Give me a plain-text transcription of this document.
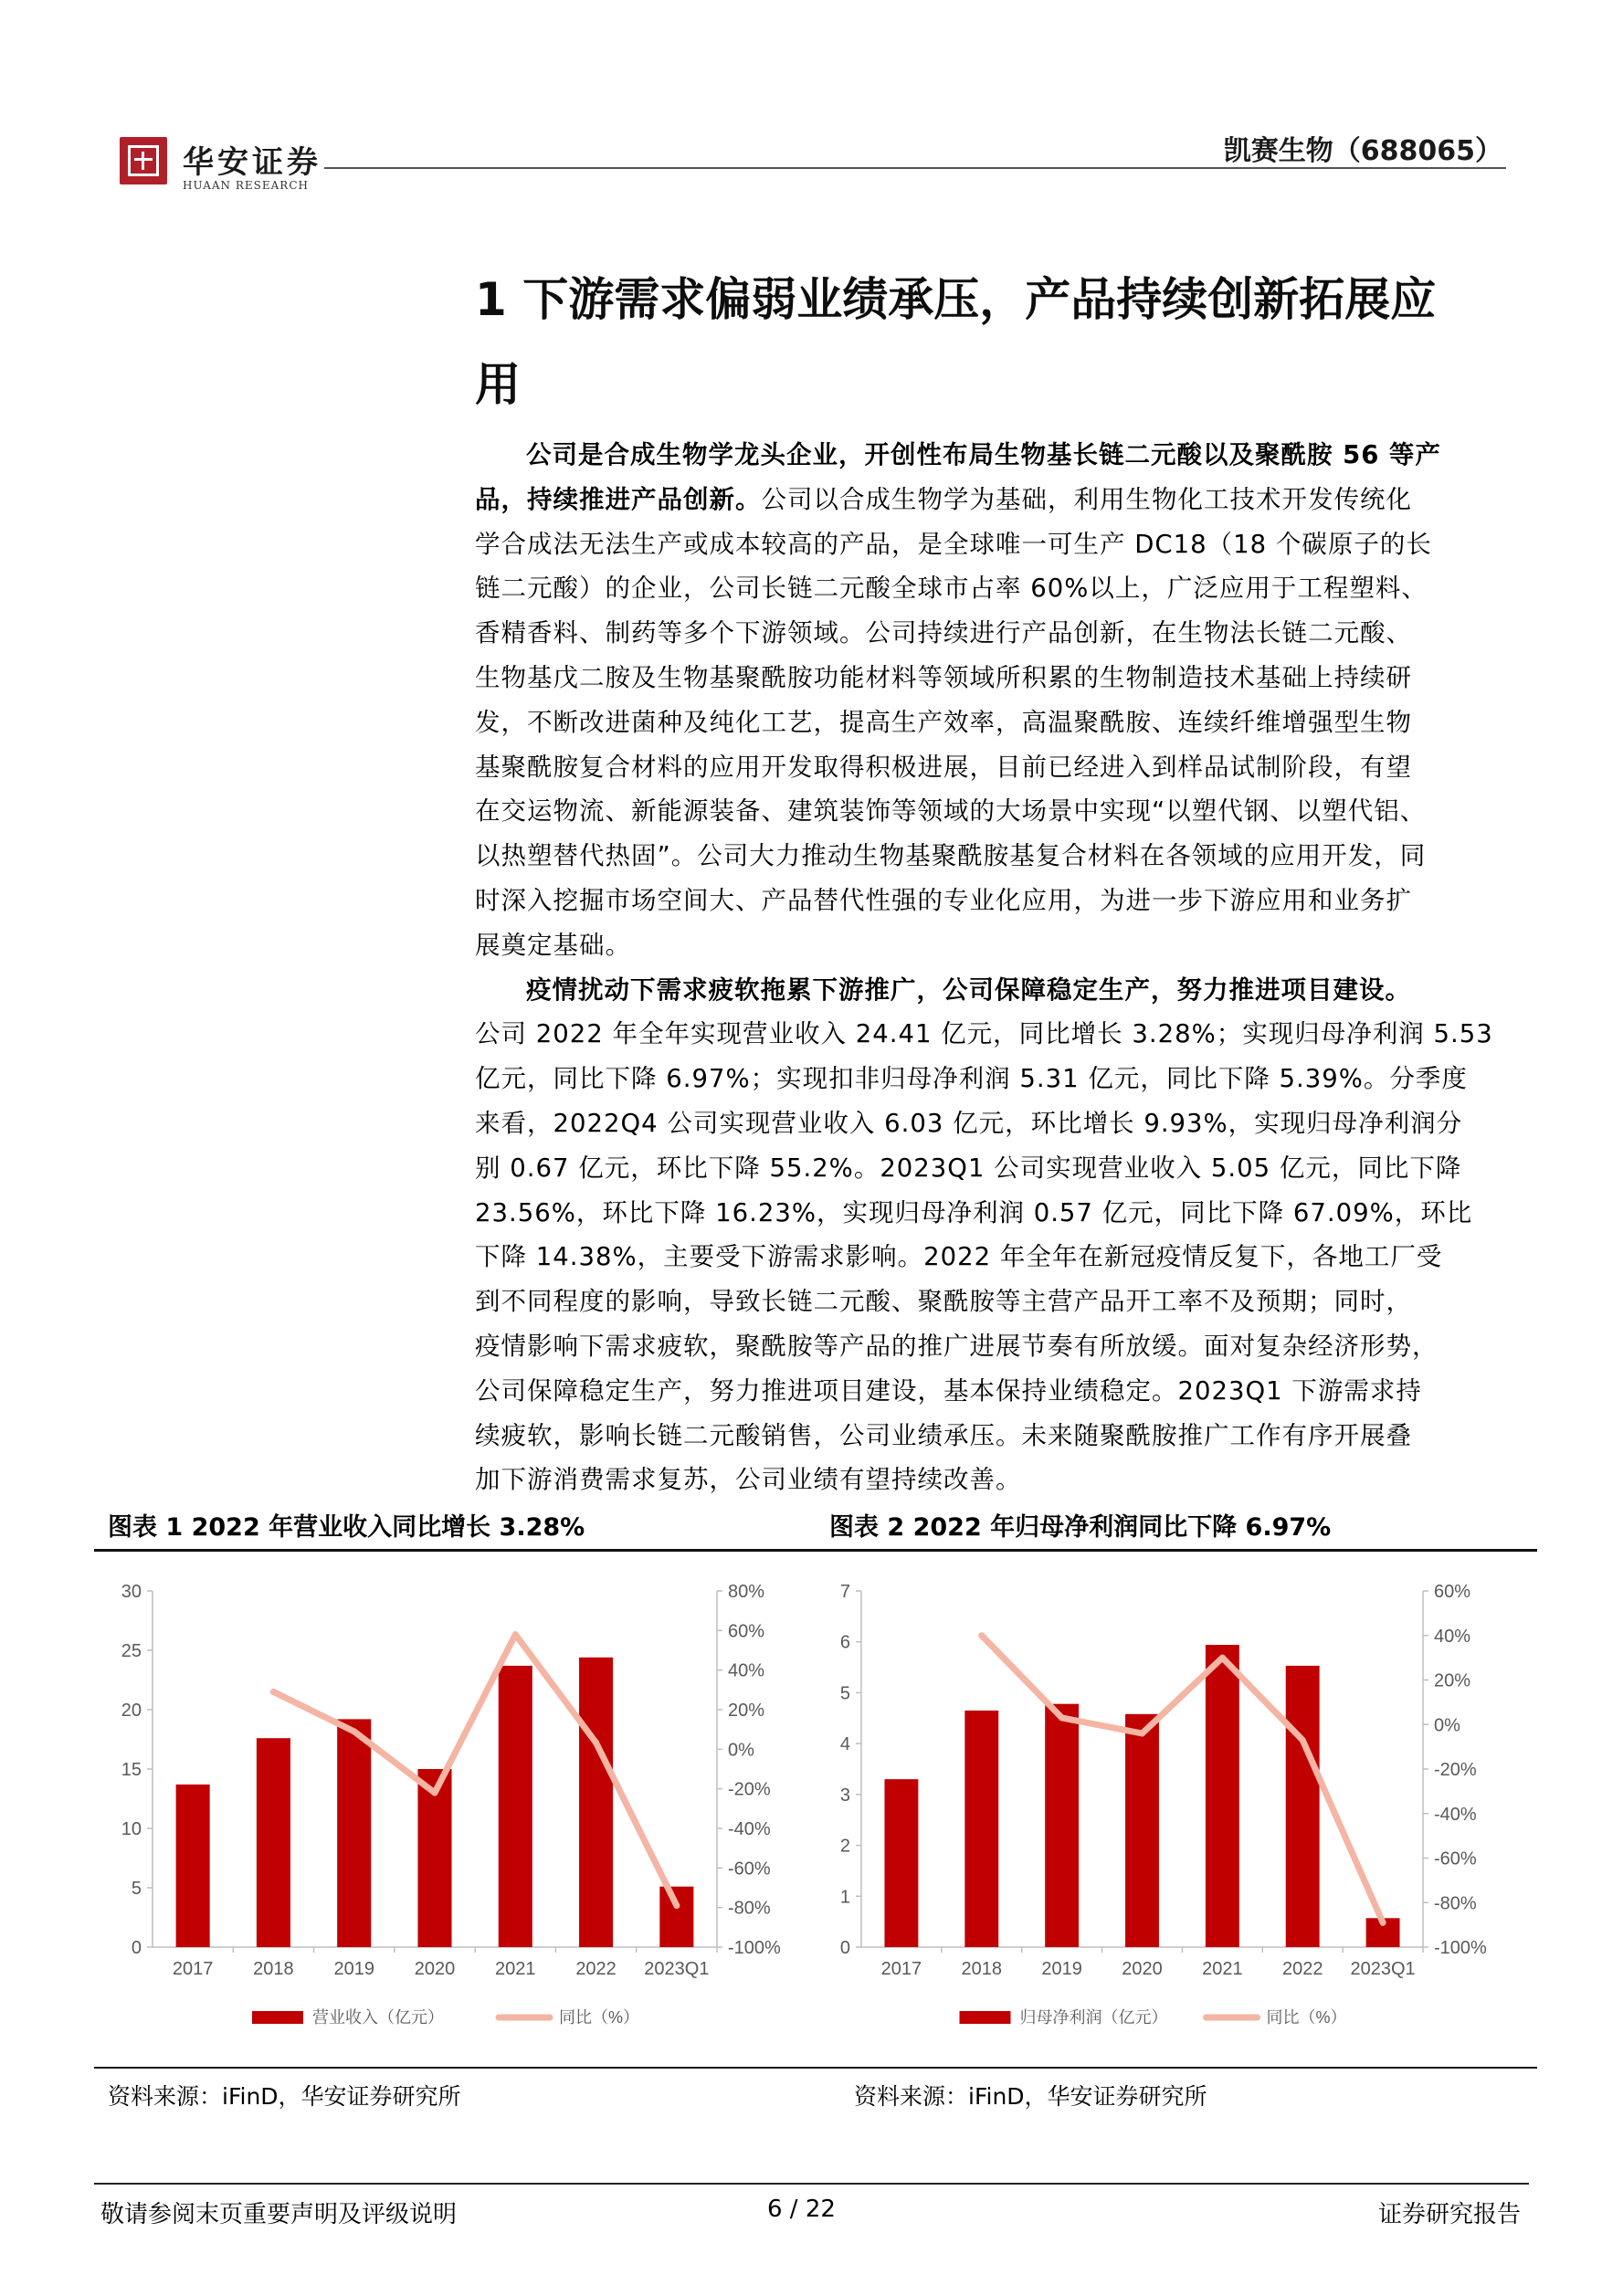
华安证券
HUAAN RESEARCH
凯赛生物（688065）
1 下游需求偏弱业绩承压，产品持续创新拓展应
用
公司是合成生物学龙头企业，开创性布局生物基长链二元酸以及聚酰胺 56 等产
品，持续推进产品创新。公司以合成生物学为基础，利用生物化工技术开发传统化
学合成法无法生产或成本较高的产品，是全球唯一可生产 DC18（18 个碳原子的长
链二元酸）的企业，公司长链二元酸全球市占率 60%以上，广泛应用于工程塑料、
香精香料、制药等多个下游领域。公司持续进行产品创新，在生物法长链二元酸、
生物基戊二胺及生物基聚酰胺功能材料等领域所积累的生物制造技术基础上持续研
发，不断改进菌种及纯化工艺，提高生产效率，高温聚酰胺、连续纤维增强型生物
基聚酰胺复合材料的应用开发取得积极进展，目前已经进入到样品试制阶段，有望
在交运物流、新能源装备、建筑装饰等领域的大场景中实现“以塑代钢、以塑代铝、
以热塑替代热固”。公司大力推动生物基聚酰胺基复合材料在各领域的应用开发，同
时深入挖掘市场空间大、产品替代性强的专业化应用，为进一步下游应用和业务扩
展奠定基础。
疫情扰动下需求疲软拖累下游推广，公司保障稳定生产，努力推进项目建设。
公司 2022 年全年实现营业收入 24.41 亿元，同比增长 3.28%；实现归母净利润 5.53
亿元，同比下降 6.97%；实现扣非归母净利润 5.31 亿元，同比下降 5.39%。分季度
来看，2022Q4 公司实现营业收入 6.03 亿元，环比增长 9.93%，实现归母净利润分
别 0.67 亿元，环比下降 55.2%。2023Q1 公司实现营业收入 5.05 亿元，同比下降
23.56%，环比下降 16.23%，实现归母净利润 0.57 亿元，同比下降 67.09%，环比
下降 14.38%，主要受下游需求影响。2022 年全年在新冠疫情反复下，各地工厂受
到不同程度的影响，导致长链二元酸、聚酰胺等主营产品开工率不及预期；同时，
疫情影响下需求疲软，聚酰胺等产品的推广进展节奏有所放缓。面对复杂经济形势，
公司保障稳定生产，努力推进项目建设，基本保持业绩稳定。2023Q1 下游需求持
续疲软，影响长链二元酸销售，公司业绩承压。未来随聚酰胺推广工作有序开展叠
加下游消费需求复苏，公司业绩有望持续改善。
图表 1 2022 年营业收入同比增长 3.28%	图表 2 2022 年归母净利润同比下降 6.97%
0
5
10
15
20
25
30
-100%
-80%
-60%
-40%
-20%
0%
20%
40%
60%
80%
2017 2018 2019 2020 2021 2022 2023Q1
营业收入（亿元）	同比（%）
0
1
2
3
4
5
6
7
-100%
-80%
-60%
-40%
-20%
0%
20%
40%
60%
2017 2018 2019 2020 2021 2022 2023Q1
归母净利润（亿元）	同比（%）
资料来源：iFinD，华安证券研究所	资料来源：iFinD，华安证券研究所
敬请参阅末页重要声明及评级说明	6 / 22	证券研究报告
